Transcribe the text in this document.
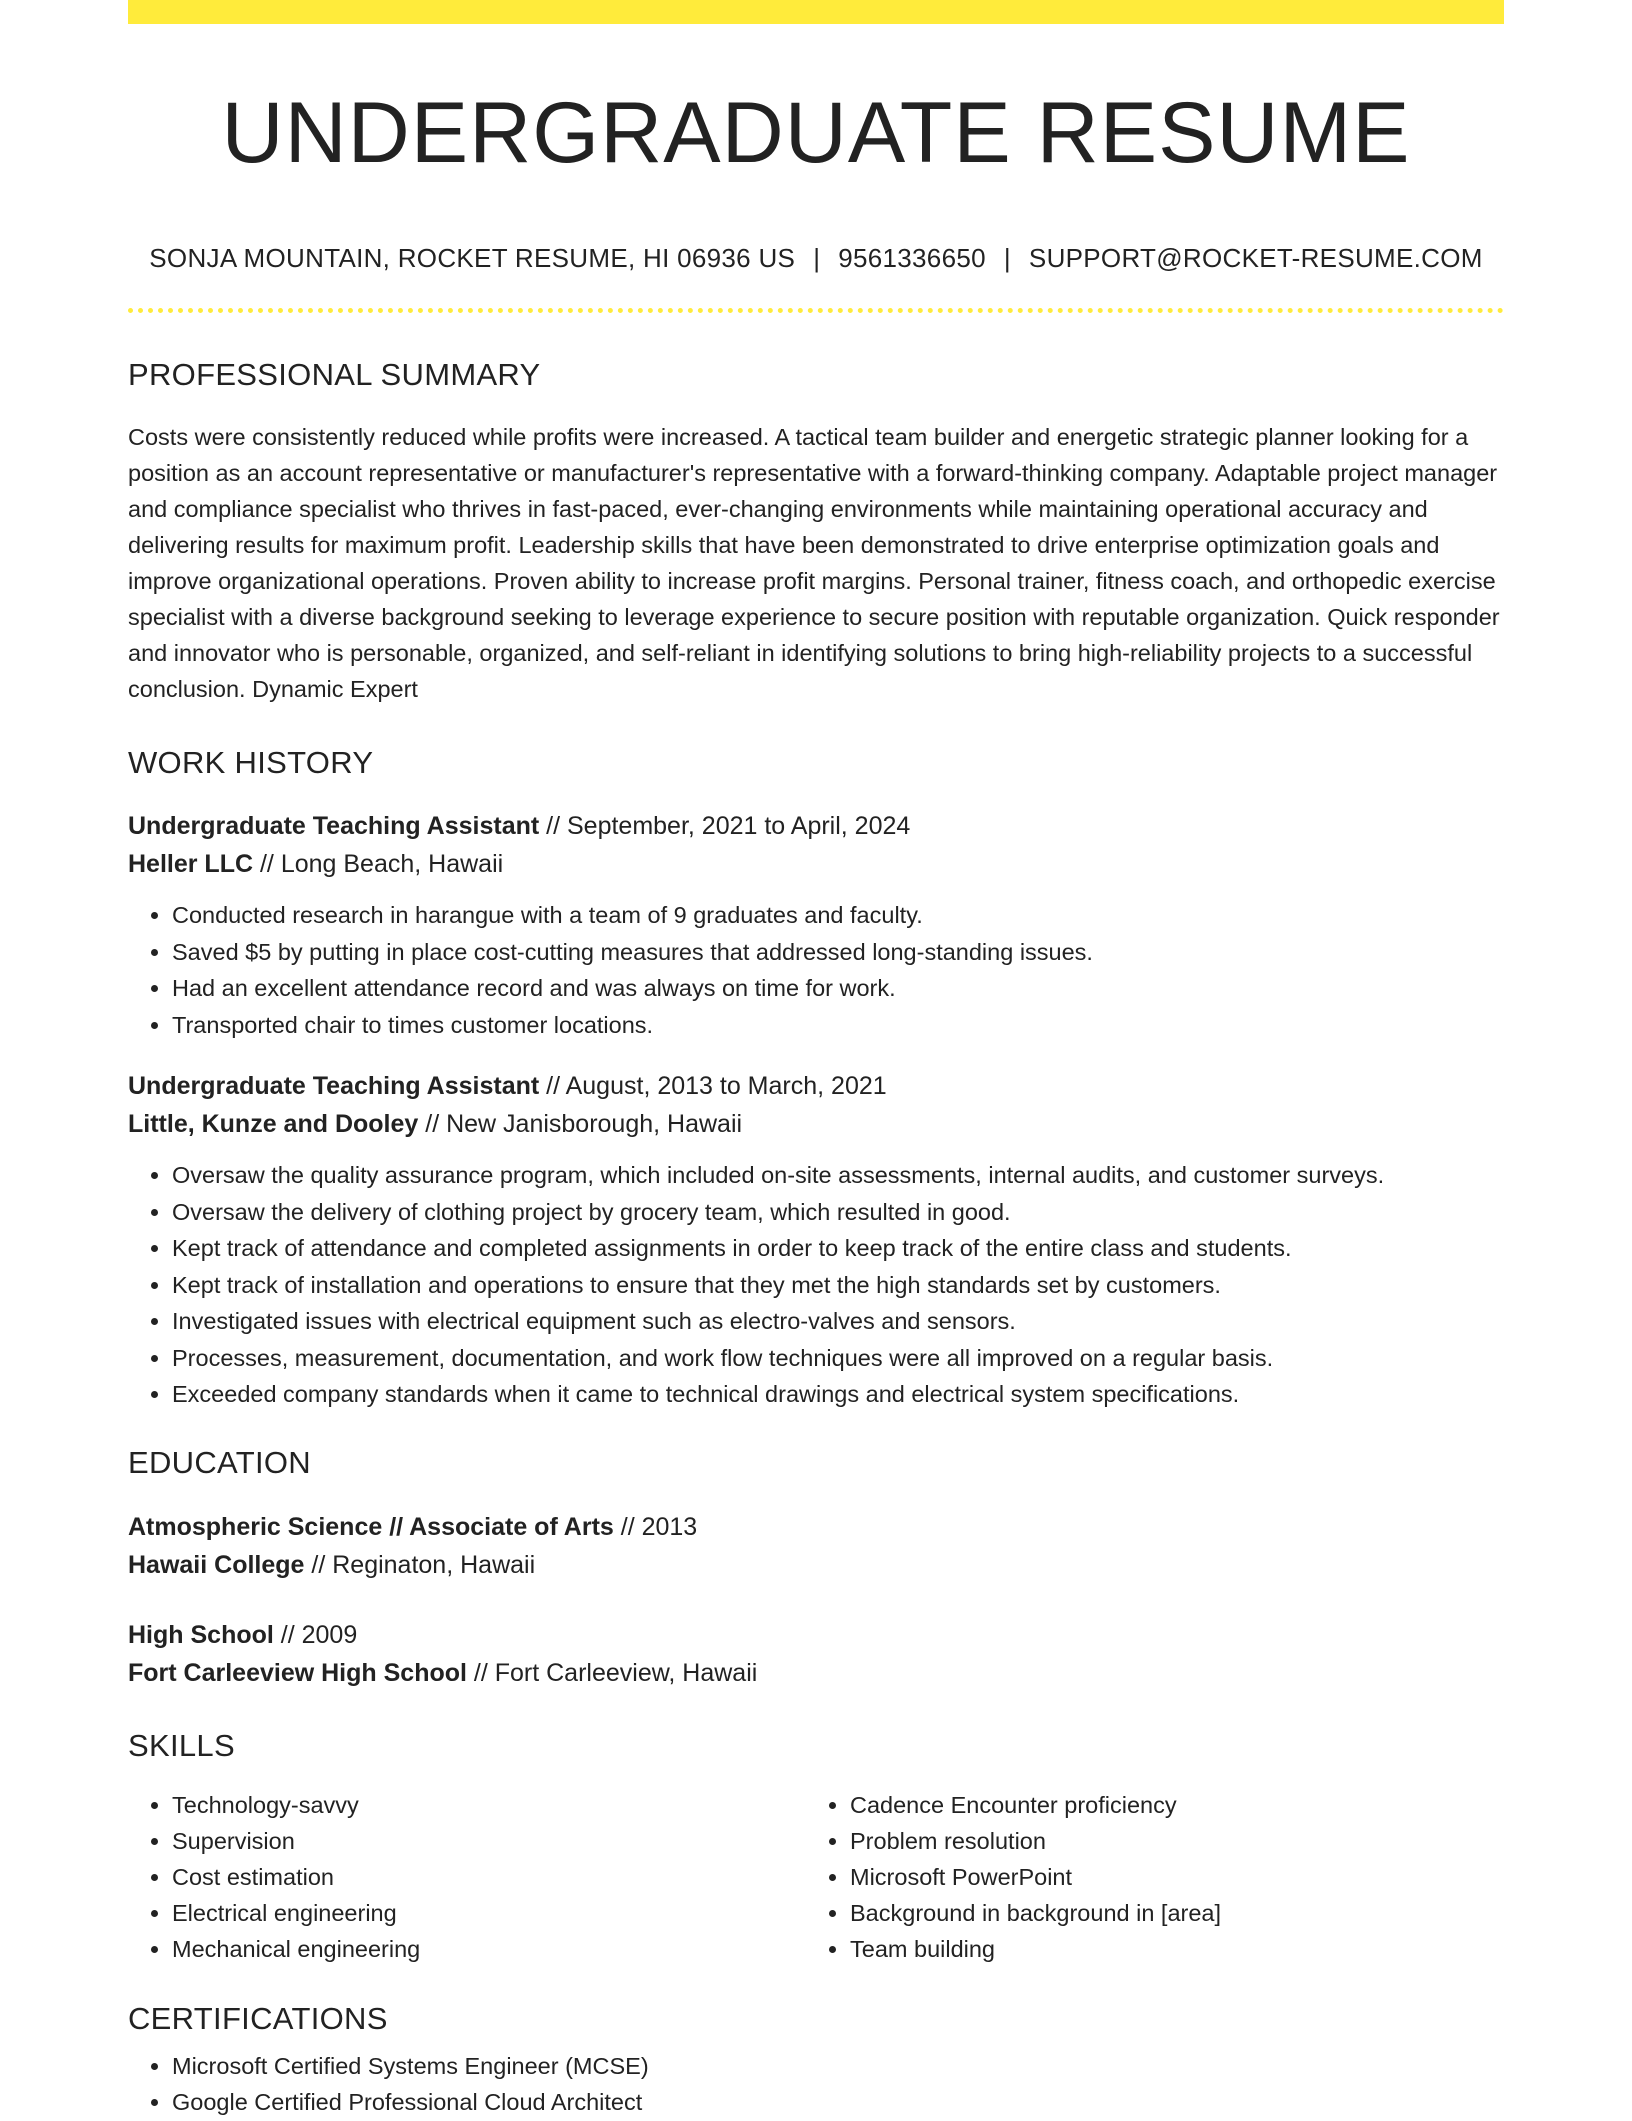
UNDERGRADUATE RESUME
SONJA MOUNTAIN, ROCKET RESUME, HI 06936 US | 9561336650 | SUPPORT@ROCKET-RESUME.COM
PROFESSIONAL SUMMARY

Costs were consistently reduced while profits were increased. A tactical team builder and energetic strategic planner looking for a position as an account representative or manufacturer's representative with a forward-thinking company. Adaptable project manager and compliance specialist who thrives in fast-paced, ever-changing environments while maintaining operational accuracy and delivering results for maximum profit. Leadership skills that have been demonstrated to drive enterprise optimization goals and improve organizational operations. Proven ability to increase profit margins. Personal trainer, fitness coach, and orthopedic exercise specialist with a diverse background seeking to leverage experience to secure position with reputable organization. Quick responder and innovator who is personable, organized, and self-reliant in identifying solutions to bring high-reliability projects to a successful conclusion. Dynamic Expert

WORK HISTORY
Undergraduate Teaching Assistant // September, 2021 to April, 2024
Heller LLC // Long Beach, Hawaii
• Conducted research in harangue with a team of 9 graduates and faculty.
• Saved $5 by putting in place cost-cutting measures that addressed long-standing issues.
• Had an excellent attendance record and was always on time for work.
• Transported chair to times customer locations.
Undergraduate Teaching Assistant // August, 2013 to March, 2021
Little, Kunze and Dooley // New Janisborough, Hawaii
• Oversaw the quality assurance program, which included on-site assessments, internal audits, and customer surveys.
• Oversaw the delivery of clothing project by grocery team, which resulted in good.
• Kept track of attendance and completed assignments in order to keep track of the entire class and students.
• Kept track of installation and operations to ensure that they met the high standards set by customers.
• Investigated issues with electrical equipment such as electro-valves and sensors.
• Processes, measurement, documentation, and work flow techniques were all improved on a regular basis.
• Exceeded company standards when it came to technical drawings and electrical system specifications.
EDUCATION
Atmospheric Science // Associate of Arts // 2013
Hawaii College // Reginaton, Hawaii
High School // 2009
Fort Carleeview High School // Fort Carleeview, Hawaii
SKILLS
• Technology-savvy
• Supervision
• Cost estimation
• Electrical engineering
• Mechanical engineering
• Cadence Encounter proficiency
• Problem resolution
• Microsoft PowerPoint
• Background in background in [area]
• Team building
CERTIFICATIONS
• Microsoft Certified Systems Engineer (MCSE)
• Google Certified Professional Cloud Architect
